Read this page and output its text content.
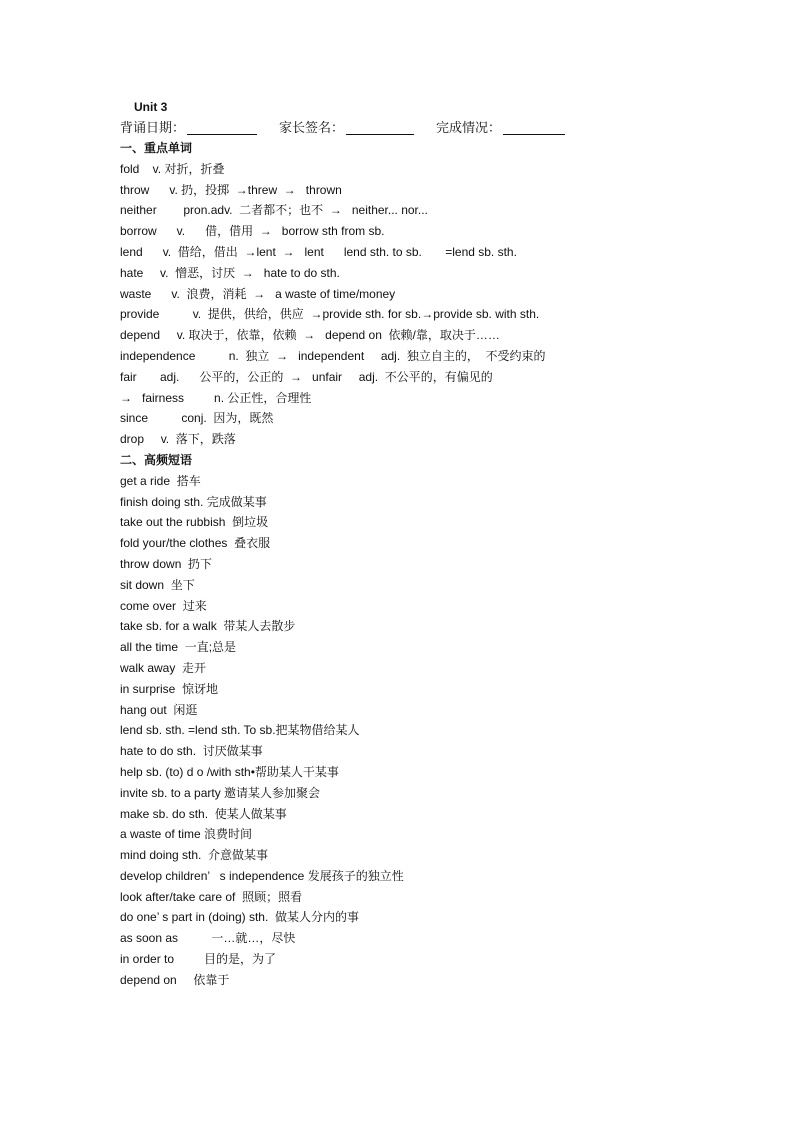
Unit 3
背诵日期：	家长签名：	完成情况：
一、重点单词
fold    v. 对折，折叠
throw      v. 扔，投掷  →threw  →   thrown
neither        pron.adv.  二者都不；也不  →   neither... nor...
borrow      v.      借，借用  →   borrow sth from sb.
lend      v.  借给，借出  →lent  →   lent      lend sth. to sb.       =lend sb. sth.
hate     v.  憎恶，讨厌  →   hate to do sth.
waste      v.  浪费，消耗  →   a waste of time/money
provide          v.  提供，供给，供应  →provide sth. for sb.→provide sb. with sth.
depend     v. 取决于，依靠，依赖  →   depend on  依赖/靠，取决于……
independence          n.  独立  →   independent     adj.  独立自主的，  不受约束的
fair       adj.      公平的，公正的  →   unfair     adj.  不公平的，有偏见的
→   fairness         n. 公正性，合理性
since          conj.  因为，既然
drop     v.  落下，跌落
二、高频短语
get a ride  搭车
finish doing sth. 完成做某事
take out the rubbish  倒垃圾
fold your/the clothes  叠衣服
throw down  扔下
sit down  坐下
come over  过来
take sb. for a walk  带某人去散步
all the time  一直;总是
walk away  走开
in surprise  惊讶地
hang out  闲逛
lend sb. sth. =lend sth. To sb.把某物借给某人
hate to do sth.  讨厌做某事
help sb. (to) d o /with sth•帮助某人干某事
invite sb. to a party 邀请某人参加聚会
make sb. do sth.  使某人做某事
a waste of time 浪费时间
mind doing sth.  介意做某事
develop children’   s independence 发展孩子的独立性
look after/take care of  照顾；照看
do one’ s part in (doing) sth.  做某人分内的事
as soon as          一…就…，尽快
in order to         目的是，为了
depend on     依靠于
